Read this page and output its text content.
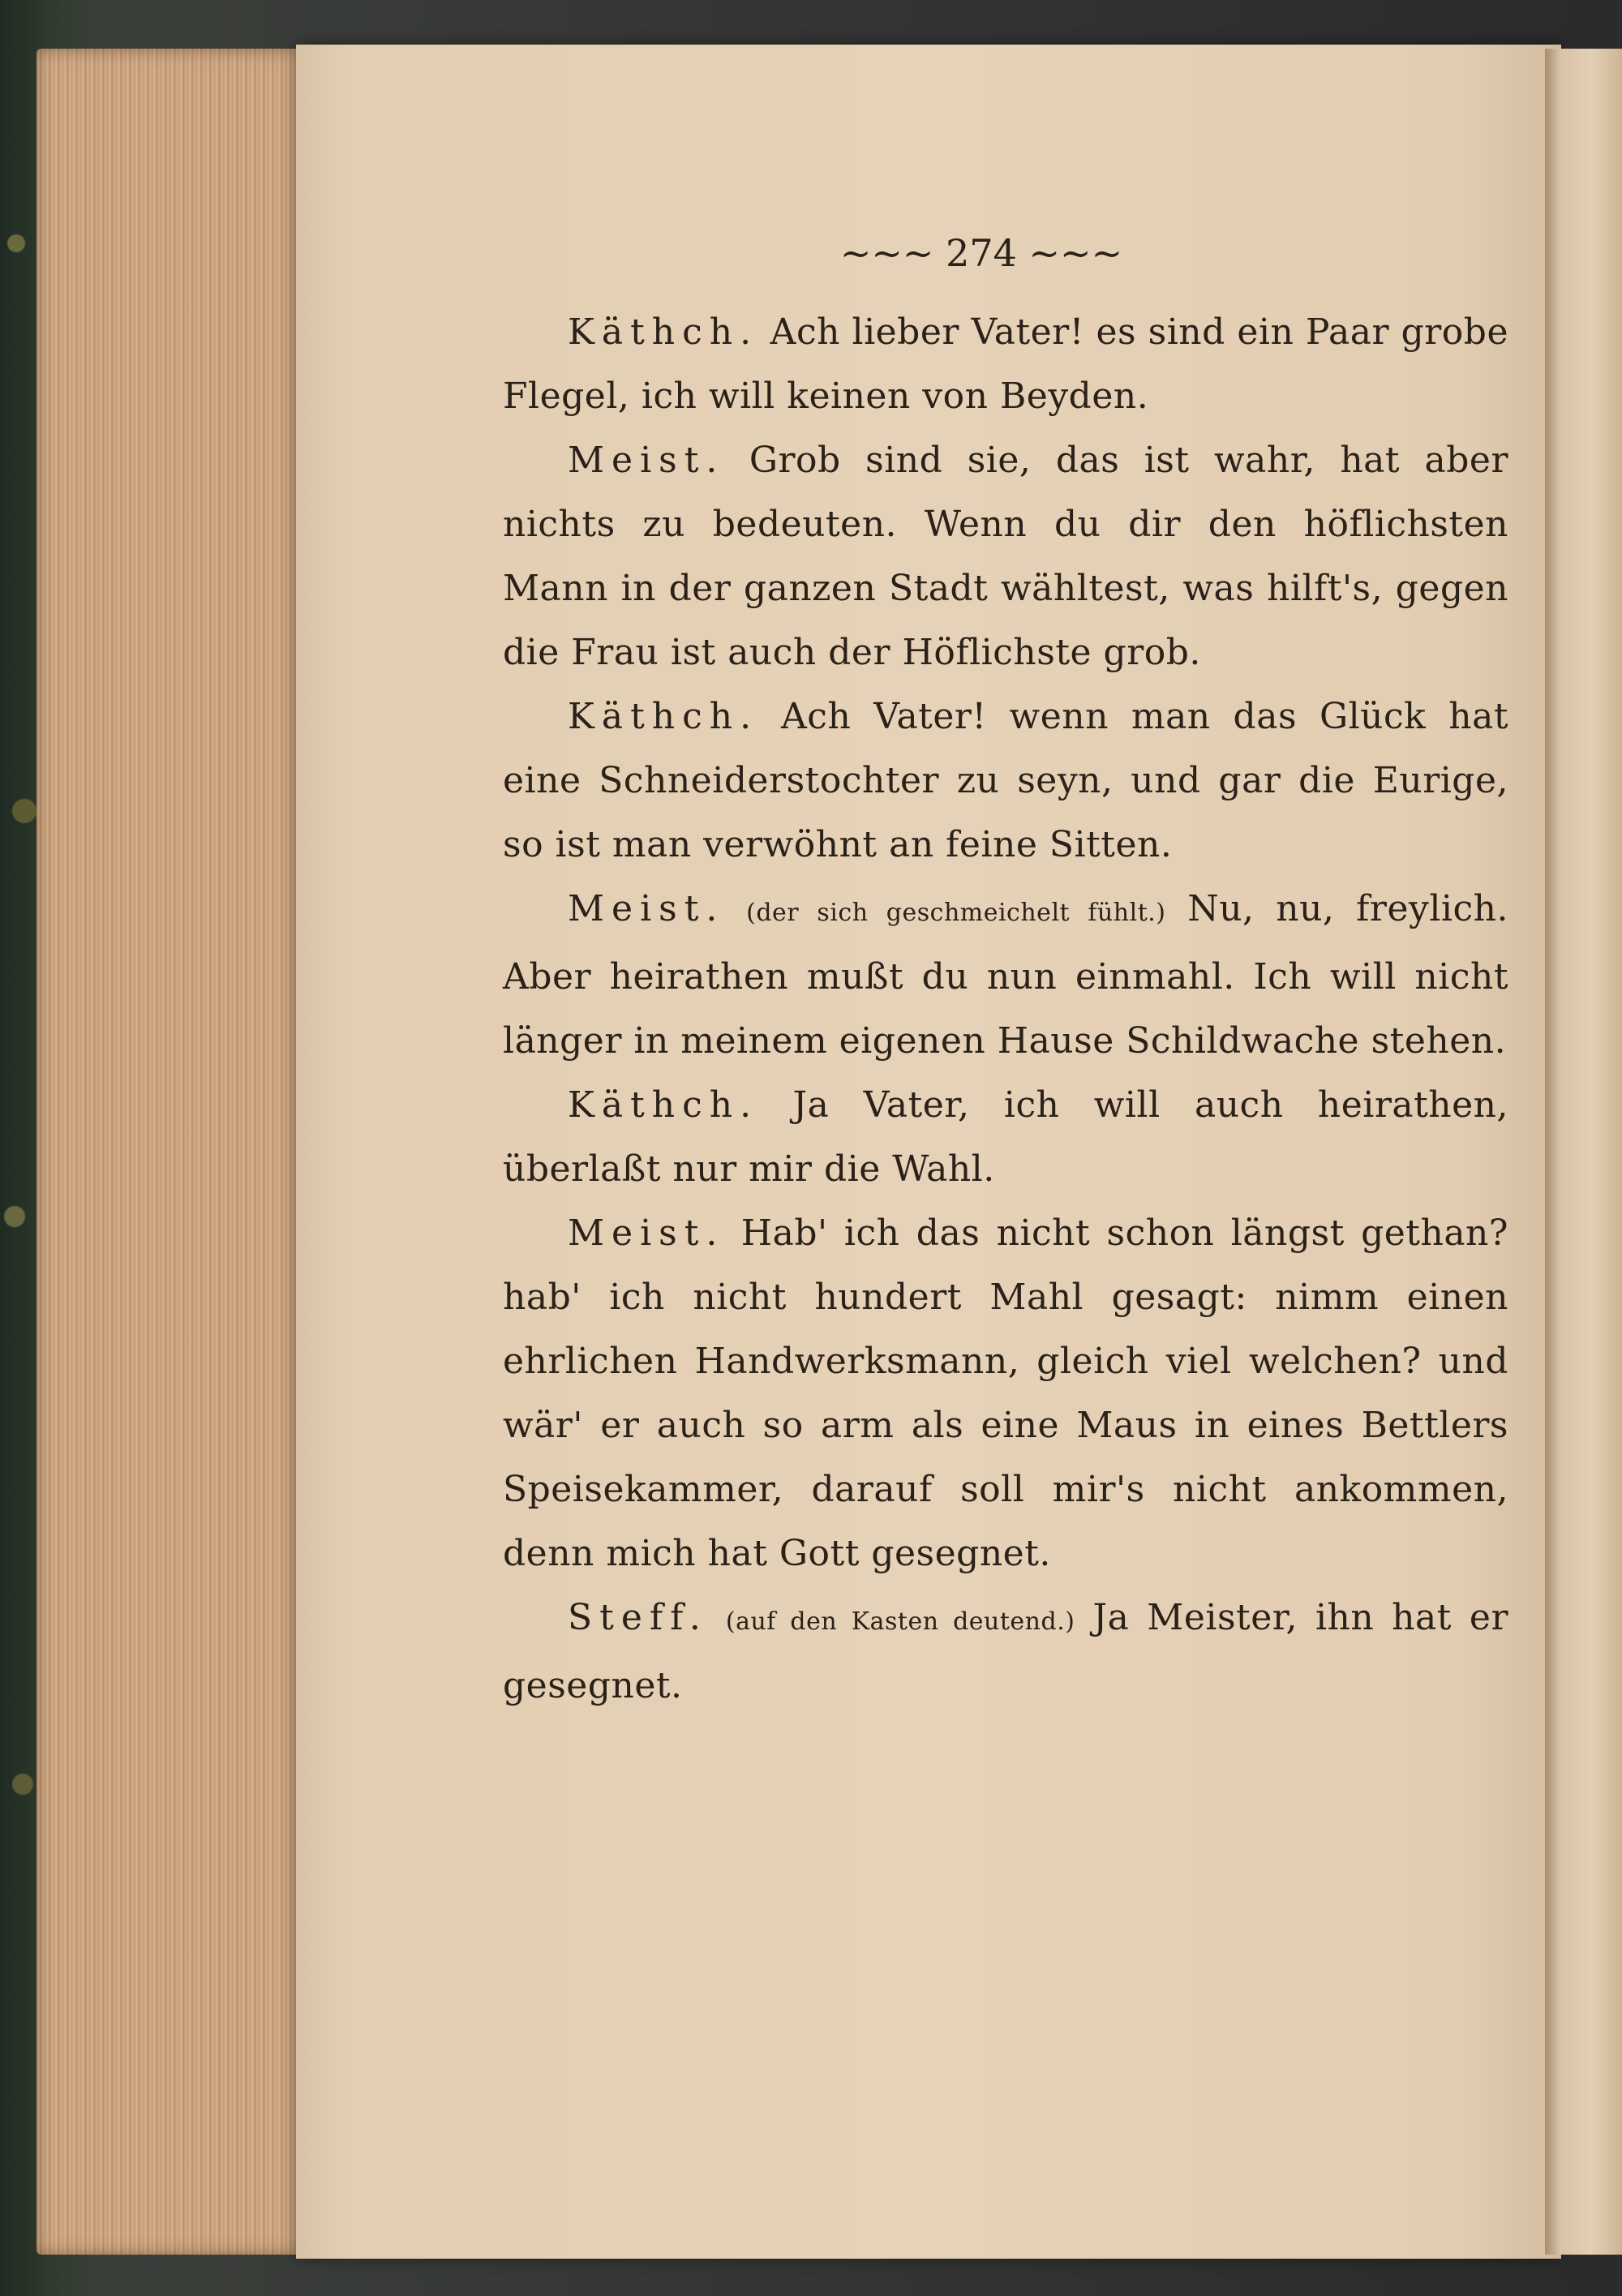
~~~ 274 ~~~

Käthch. Ach lieber Vater! es sind ein Paar grobe Flegel, ich will keinen von Beyden.

Meist. Grob sind sie, das ist wahr, hat aber nichts zu bedeuten. Wenn du dir den höflichsten Mann in der ganzen Stadt wähltest, was hilft's, gegen die Frau ist auch der Höflichste grob.

Käthch. Ach Vater! wenn man das Glück hat eine Schneiderstochter zu seyn, und gar die Eurige, so ist man verwöhnt an feine Sitten.

Meist. (der sich geschmeichelt fühlt.) Nu, nu, freylich. Aber heirathen mußt du nun einmahl. Ich will nicht länger in meinem eigenen Hause Schildwache stehen.

Käthch. Ja Vater, ich will auch heirathen, überlaßt nur mir die Wahl.

Meist. Hab' ich das nicht schon längst gethan? hab' ich nicht hundert Mahl gesagt: nimm einen ehrlichen Handwerksmann, gleich viel welchen? und wär' er auch so arm als eine Maus in eines Bettlers Speisekammer, darauf soll mir's nicht ankommen, denn mich hat Gott gesegnet.

Steff. (auf den Kasten deutend.) Ja Meister, ihn hat er gesegnet.
